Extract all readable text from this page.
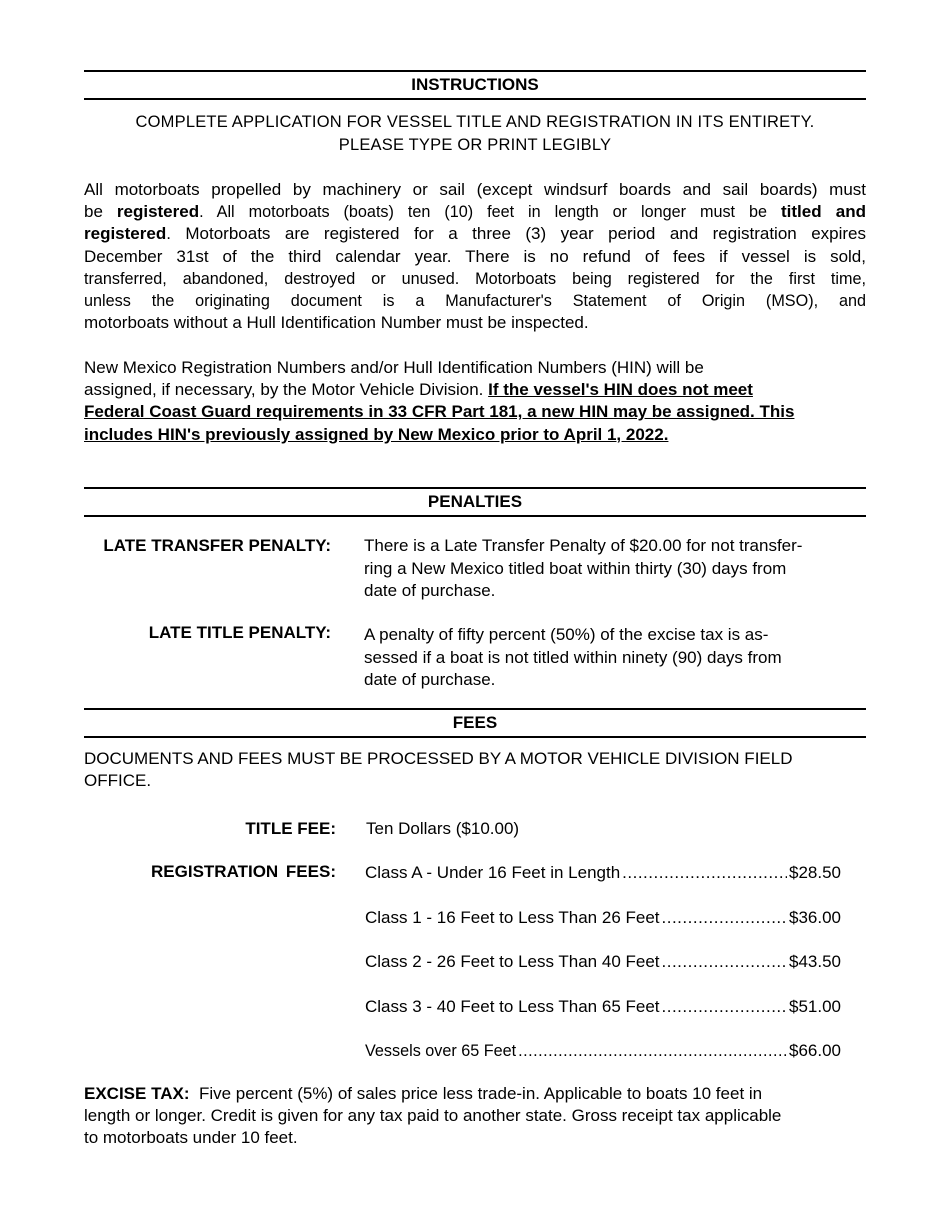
INSTRUCTIONS
COMPLETE APPLICATION FOR VESSEL TITLE AND REGISTRATION IN ITS ENTIRETY.
PLEASE TYPE OR PRINT LEGIBLY
All motorboats propelled by machinery or sail (except windsurf boards and sail boards) must
be registered. All motorboats (boats) ten (10) feet in length or longer must be titled and
registered. Motorboats are registered for a three (3) year period and registration expires
December 31st of the third calendar year. There is no refund of fees if vessel is sold,
transferred, abandoned, destroyed or unused. Motorboats being registered for the first time,
unless the originating document is a Manufacturer's Statement of Origin (MSO), and
motorboats without a Hull Identification Number must be inspected.
New Mexico Registration Numbers and/or Hull Identification Numbers (HIN) will be
assigned, if necessary, by the Motor Vehicle Division. If the vessel's HIN does not meet
Federal Coast Guard requirements in 33 CFR Part 181, a new HIN may be assigned. This
includes HIN's previously assigned by New Mexico prior to April 1, 2022.
PENALTIES
LATE TRANSFER PENALTY: There is a Late Transfer Penalty of $20.00 for not transfer-
ring a New Mexico titled boat within thirty (30) days from
date of purchase.
LATE TITLE PENALTY: A penalty of fifty percent (50%) of the excise tax is as-
sessed if a boat is not titled within ninety (90) days from
date of purchase.
FEES
DOCUMENTS AND FEES MUST BE PROCESSED BY A MOTOR VEHICLE DIVISION FIELD
OFFICE.
TITLE FEE: Ten Dollars ($10.00)
REGISTRATION FEES: Class A - Under 16 Feet in Length .....	$28.50
Class 1 - 16 Feet to Less Than 26 Feet .....	$36.00
Class 2 - 26 Feet to Less Than 40 Feet .....	$43.50
Class 3 - 40 Feet to Less Than 65 Feet .....	$51.00
Vessels over 65 Feet .....	$66.00
EXCISE TAX: Five percent (5%) of sales price less trade-in. Applicable to boats 10 feet in
length or longer. Credit is given for any tax paid to another state. Gross receipt tax applicable
to motorboats under 10 feet.
